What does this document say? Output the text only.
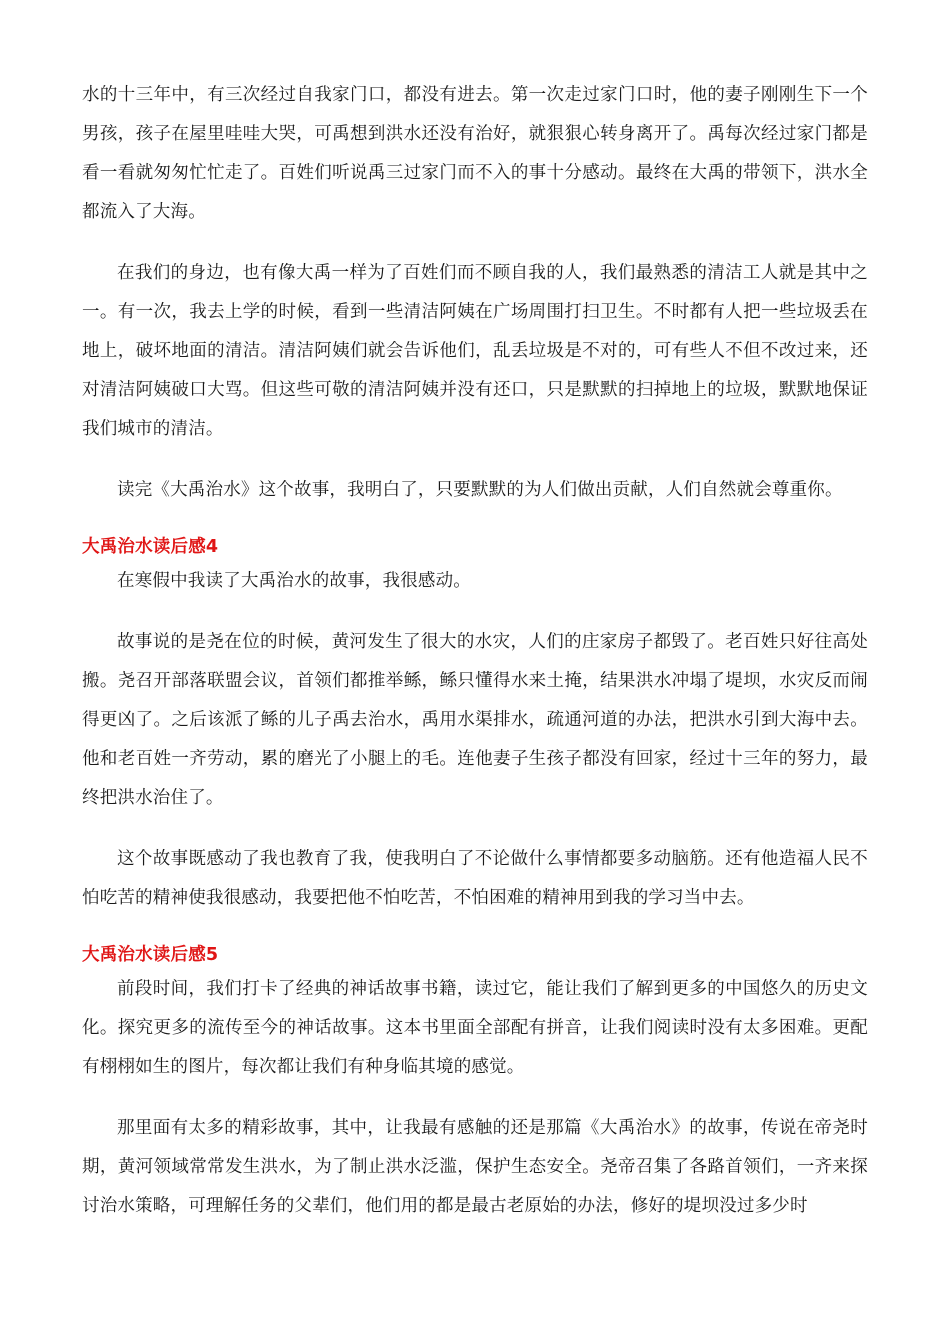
水的十三年中，有三次经过自我家门口，都没有进去。第一次走过家门口时，他的妻子刚刚生下一个男孩，孩子在屋里哇哇大哭，可禹想到洪水还没有治好，就狠狠心转身离开了。禹每次经过家门都是看一看就匆匆忙忙走了。百姓们听说禹三过家门而不入的事十分感动。最终在大禹的带领下，洪水全都流入了大海。

在我们的身边，也有像大禹一样为了百姓们而不顾自我的人，我们最熟悉的清洁工人就是其中之一。有一次，我去上学的时候，看到一些清洁阿姨在广场周围打扫卫生。不时都有人把一些垃圾丢在地上，破坏地面的清洁。清洁阿姨们就会告诉他们，乱丢垃圾是不对的，可有些人不但不改过来，还对清洁阿姨破口大骂。但这些可敬的清洁阿姨并没有还口，只是默默的扫掉地上的垃圾，默默地保证我们城市的清洁。

读完《大禹治水》这个故事，我明白了，只要默默的为人们做出贡献，人们自然就会尊重你。

大禹治水读后感4

在寒假中我读了大禹治水的故事，我很感动。

故事说的是尧在位的时候，黄河发生了很大的水灾，人们的庄家房子都毁了。老百姓只好往高处搬。尧召开部落联盟会议，首领们都推举鲧，鲧只懂得水来土掩，结果洪水冲塌了堤坝，水灾反而闹得更凶了。之后该派了鲧的儿子禹去治水，禹用水渠排水，疏通河道的办法，把洪水引到大海中去。他和老百姓一齐劳动，累的磨光了小腿上的毛。连他妻子生孩子都没有回家，经过十三年的努力，最终把洪水治住了。

这个故事既感动了我也教育了我，使我明白了不论做什么事情都要多动脑筋。还有他造福人民不怕吃苦的精神使我很感动，我要把他不怕吃苦，不怕困难的精神用到我的学习当中去。

大禹治水读后感5

前段时间，我们打卡了经典的神话故事书籍，读过它，能让我们了解到更多的中国悠久的历史文化。探究更多的流传至今的神话故事。这本书里面全部配有拼音，让我们阅读时没有太多困难。更配有栩栩如生的图片，每次都让我们有种身临其境的感觉。

那里面有太多的精彩故事，其中，让我最有感触的还是那篇《大禹治水》的故事，传说在帝尧时期，黄河领域常常发生洪水，为了制止洪水泛滥，保护生态安全。尧帝召集了各路首领们，一齐来探讨治水策略，可理解任务的父辈们，他们用的都是最古老原始的办法，修好的堤坝没过多少时
